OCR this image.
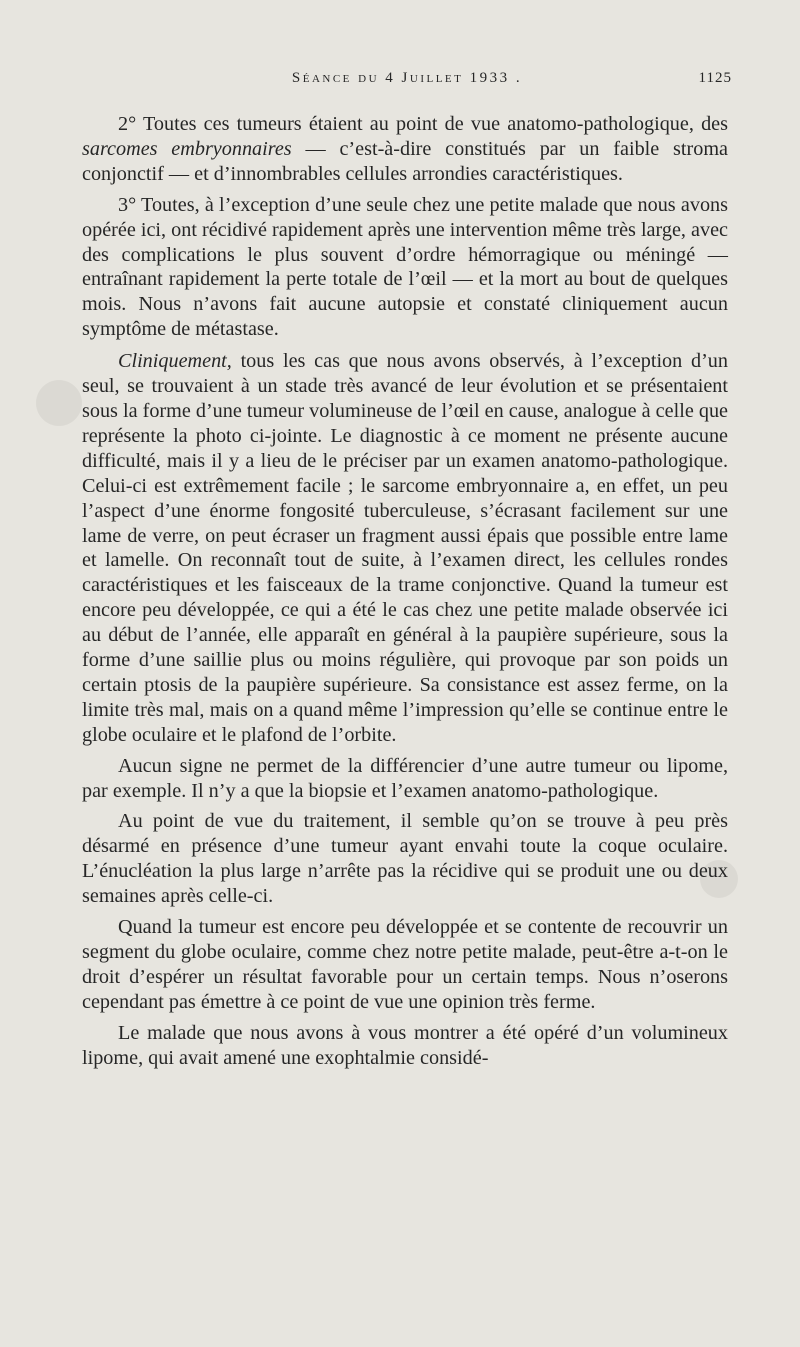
Séance du 4 Juillet 1933 .	1125

2° Toutes ces tumeurs étaient au point de vue anatomo-pathologique, des sarcomes embryonnaires — c’est-à-dire constitués par un faible stroma conjonctif — et d’innombrables cellules arrondies caractéristiques.

3° Toutes, à l’exception d’une seule chez une petite malade que nous avons opérée ici, ont récidivé rapidement après une intervention même très large, avec des complications le plus souvent d’ordre hémorragique ou méningé — entraînant rapidement la perte totale de l’œil — et la mort au bout de quelques mois. Nous n’avons fait aucune autopsie et constaté cliniquement aucun symptôme de métastase.

Cliniquement, tous les cas que nous avons observés, à l’exception d’un seul, se trouvaient à un stade très avancé de leur évolution et se présentaient sous la forme d’une tumeur volumineuse de l’œil en cause, analogue à celle que représente la photo ci-jointe. Le diagnostic à ce moment ne présente aucune difficulté, mais il y a lieu de le préciser par un examen anatomo-pathologique. Celui-ci est extrêmement facile ; le sarcome embryonnaire a, en effet, un peu l’aspect d’une énorme fongosité tuberculeuse, s’écrasant facilement sur une lame de verre, on peut écraser un fragment aussi épais que possible entre lame et lamelle. On reconnaît tout de suite, à l’examen direct, les cellules rondes caractéristiques et les faisceaux de la trame conjonctive. Quand la tumeur est encore peu développée, ce qui a été le cas chez une petite malade observée ici au début de l’année, elle apparaît en général à la paupière supérieure, sous la forme d’une saillie plus ou moins régulière, qui provoque par son poids un certain ptosis de la paupière supérieure. Sa consistance est assez ferme, on la limite très mal, mais on a quand même l’impression qu’elle se continue entre le globe oculaire et le plafond de l’orbite.

Aucun signe ne permet de la différencier d’une autre tumeur ou lipome, par exemple. Il n’y a que la biopsie et l’examen anatomo-pathologique.

Au point de vue du traitement, il semble qu’on se trouve à peu près désarmé en présence d’une tumeur ayant envahi toute la coque oculaire. L’énucléation la plus large n’arrête pas la récidive qui se produit une ou deux semaines après celle-ci.

Quand la tumeur est encore peu développée et se contente de recouvrir un segment du globe oculaire, comme chez notre petite malade, peut-être a-t-on le droit d’espérer un résultat favorable pour un certain temps. Nous n’oserons cependant pas émettre à ce point de vue une opinion très ferme.

Le malade que nous avons à vous montrer a été opéré d’un volumineux lipome, qui avait amené une exophtalmie considé-
